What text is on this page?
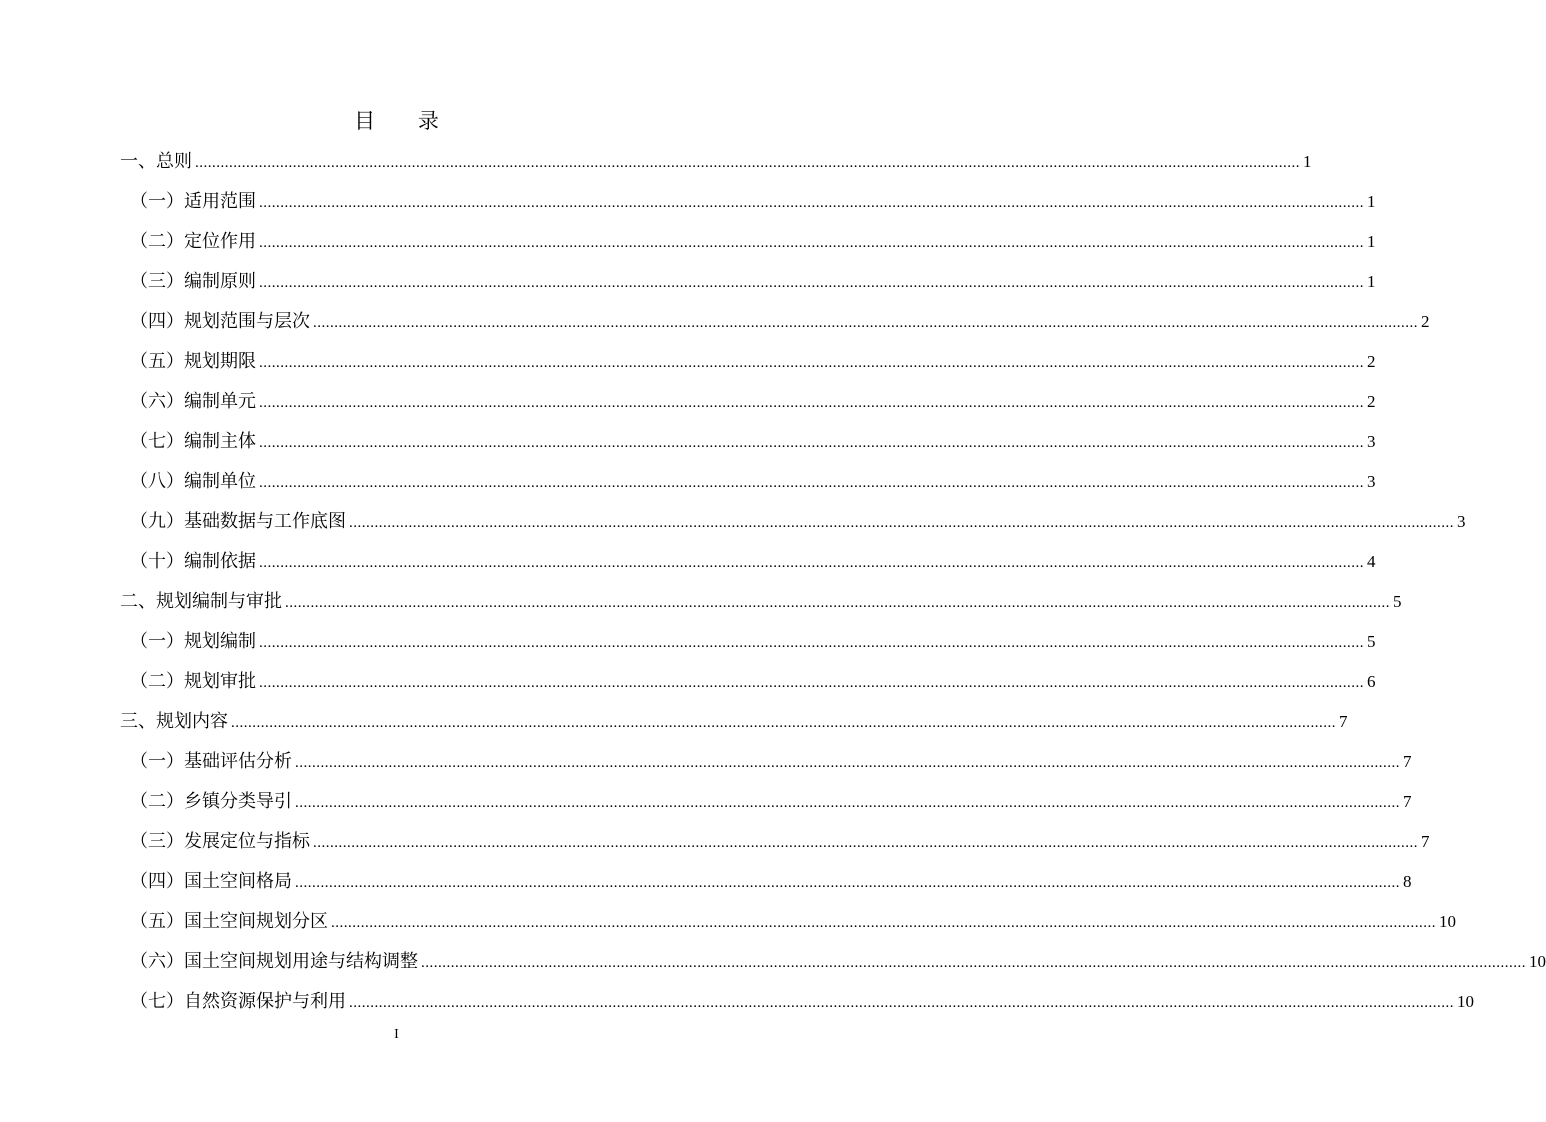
目 录
一、总则 .................................................................................................................................................................................................................................................................... 1
（一）适用范围 .................................................................................................................................................................................................................................................................... 1
（二）定位作用 .................................................................................................................................................................................................................................................................... 1
（三）编制原则 .................................................................................................................................................................................................................................................................... 1
（四）规划范围与层次 .................................................................................................................................................................................................................................................................... 2
（五）规划期限 .................................................................................................................................................................................................................................................................... 2
（六）编制单元 .................................................................................................................................................................................................................................................................... 2
（七）编制主体 .................................................................................................................................................................................................................................................................... 3
（八）编制单位 .................................................................................................................................................................................................................................................................... 3
（九）基础数据与工作底图 .................................................................................................................................................................................................................................................................... 3
（十）编制依据 .................................................................................................................................................................................................................................................................... 4
二、规划编制与审批 .................................................................................................................................................................................................................................................................... 5
（一）规划编制 .................................................................................................................................................................................................................................................................... 5
（二）规划审批 .................................................................................................................................................................................................................................................................... 6
三、规划内容 .................................................................................................................................................................................................................................................................... 7
（一）基础评估分析 .................................................................................................................................................................................................................................................................... 7
（二）乡镇分类导引 .................................................................................................................................................................................................................................................................... 7
（三）发展定位与指标 .................................................................................................................................................................................................................................................................... 7
（四）国土空间格局 .................................................................................................................................................................................................................................................................... 8
（五）国土空间规划分区 .................................................................................................................................................................................................................................................................... 10
（六）国土空间规划用途与结构调整 .................................................................................................................................................................................................................................................................... 10
（七）自然资源保护与利用 .................................................................................................................................................................................................................................................................... 10
I
